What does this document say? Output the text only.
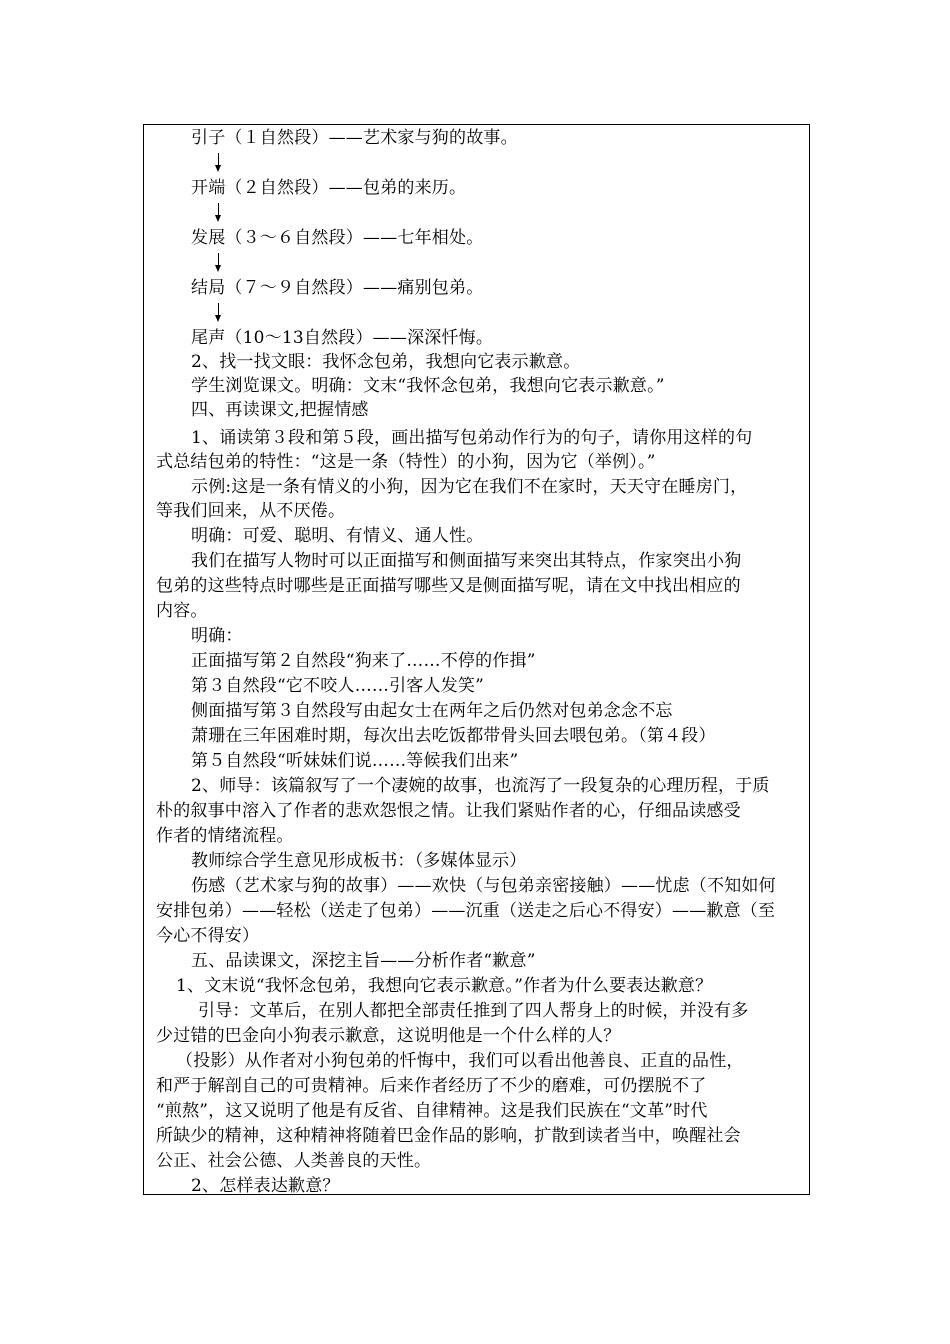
引子（１自然段）——艺术家与狗的故事。
开端（２自然段）——包弟的来历。
发展（３～６自然段）——七年相处。
结局（７～９自然段）——痛别包弟。
尾声（10～13自然段）——深深忏悔。
2、找一找文眼：我怀念包弟，我想向它表示歉意。
学生浏览课文。明确：文末“我怀念包弟，我想向它表示歉意。”
四、再读课文,把握情感
1、诵读第３段和第５段，画出描写包弟动作行为的句子，请你用这样的句
式总结包弟的特性：“这是一条（特性）的小狗，因为它（举例）。”
示例:这是一条有情义的小狗，因为它在我们不在家时，天天守在睡房门，
等我们回来，从不厌倦。
明确：可爱、聪明、有情义、通人性。
我们在描写人物时可以正面描写和侧面描写来突出其特点，作家突出小狗
包弟的这些特点时哪些是正面描写哪些又是侧面描写呢，请在文中找出相应的
内容。
明确：
正面描写第２自然段“狗来了……不停的作揖”
第３自然段“它不咬人……引客人发笑”
侧面描写第３自然段写由起女士在两年之后仍然对包弟念念不忘
萧珊在三年困难时期，每次出去吃饭都带骨头回去喂包弟。（第４段）
第５自然段“听妹妹们说……等候我们出来”
2、师导：该篇叙写了一个凄婉的故事，也流泻了一段复杂的心理历程，于质
朴的叙事中溶入了作者的悲欢怨恨之情。让我们紧贴作者的心，仔细品读感受
作者的情绪流程。
教师综合学生意见形成板书：（多媒体显示）
伤感（艺术家与狗的故事）——欢快（与包弟亲密接触）——忧虑（不知如何
安排包弟）——轻松（送走了包弟）——沉重（送走之后心不得安）——歉意（至
今心不得安）
五、品读课文，深挖主旨——分析作者“歉意”
1、文末说“我怀念包弟，我想向它表示歉意。”作者为什么要表达歉意？
引导：文革后，在别人都把全部责任推到了四人帮身上的时候，并没有多
少过错的巴金向小狗表示歉意，这说明他是一个什么样的人？
（投影）从作者对小狗包弟的忏悔中，我们可以看出他善良、正直的品性，
和严于解剖自己的可贵精神。后来作者经历了不少的磨难，可仍摆脱不了
“煎熬”，这又说明了他是有反省、自律精神。这是我们民族在“文革”时代
所缺少的精神，这种精神将随着巴金作品的影响，扩散到读者当中，唤醒社会
公正、社会公德、人类善良的天性。
2、怎样表达歉意？
